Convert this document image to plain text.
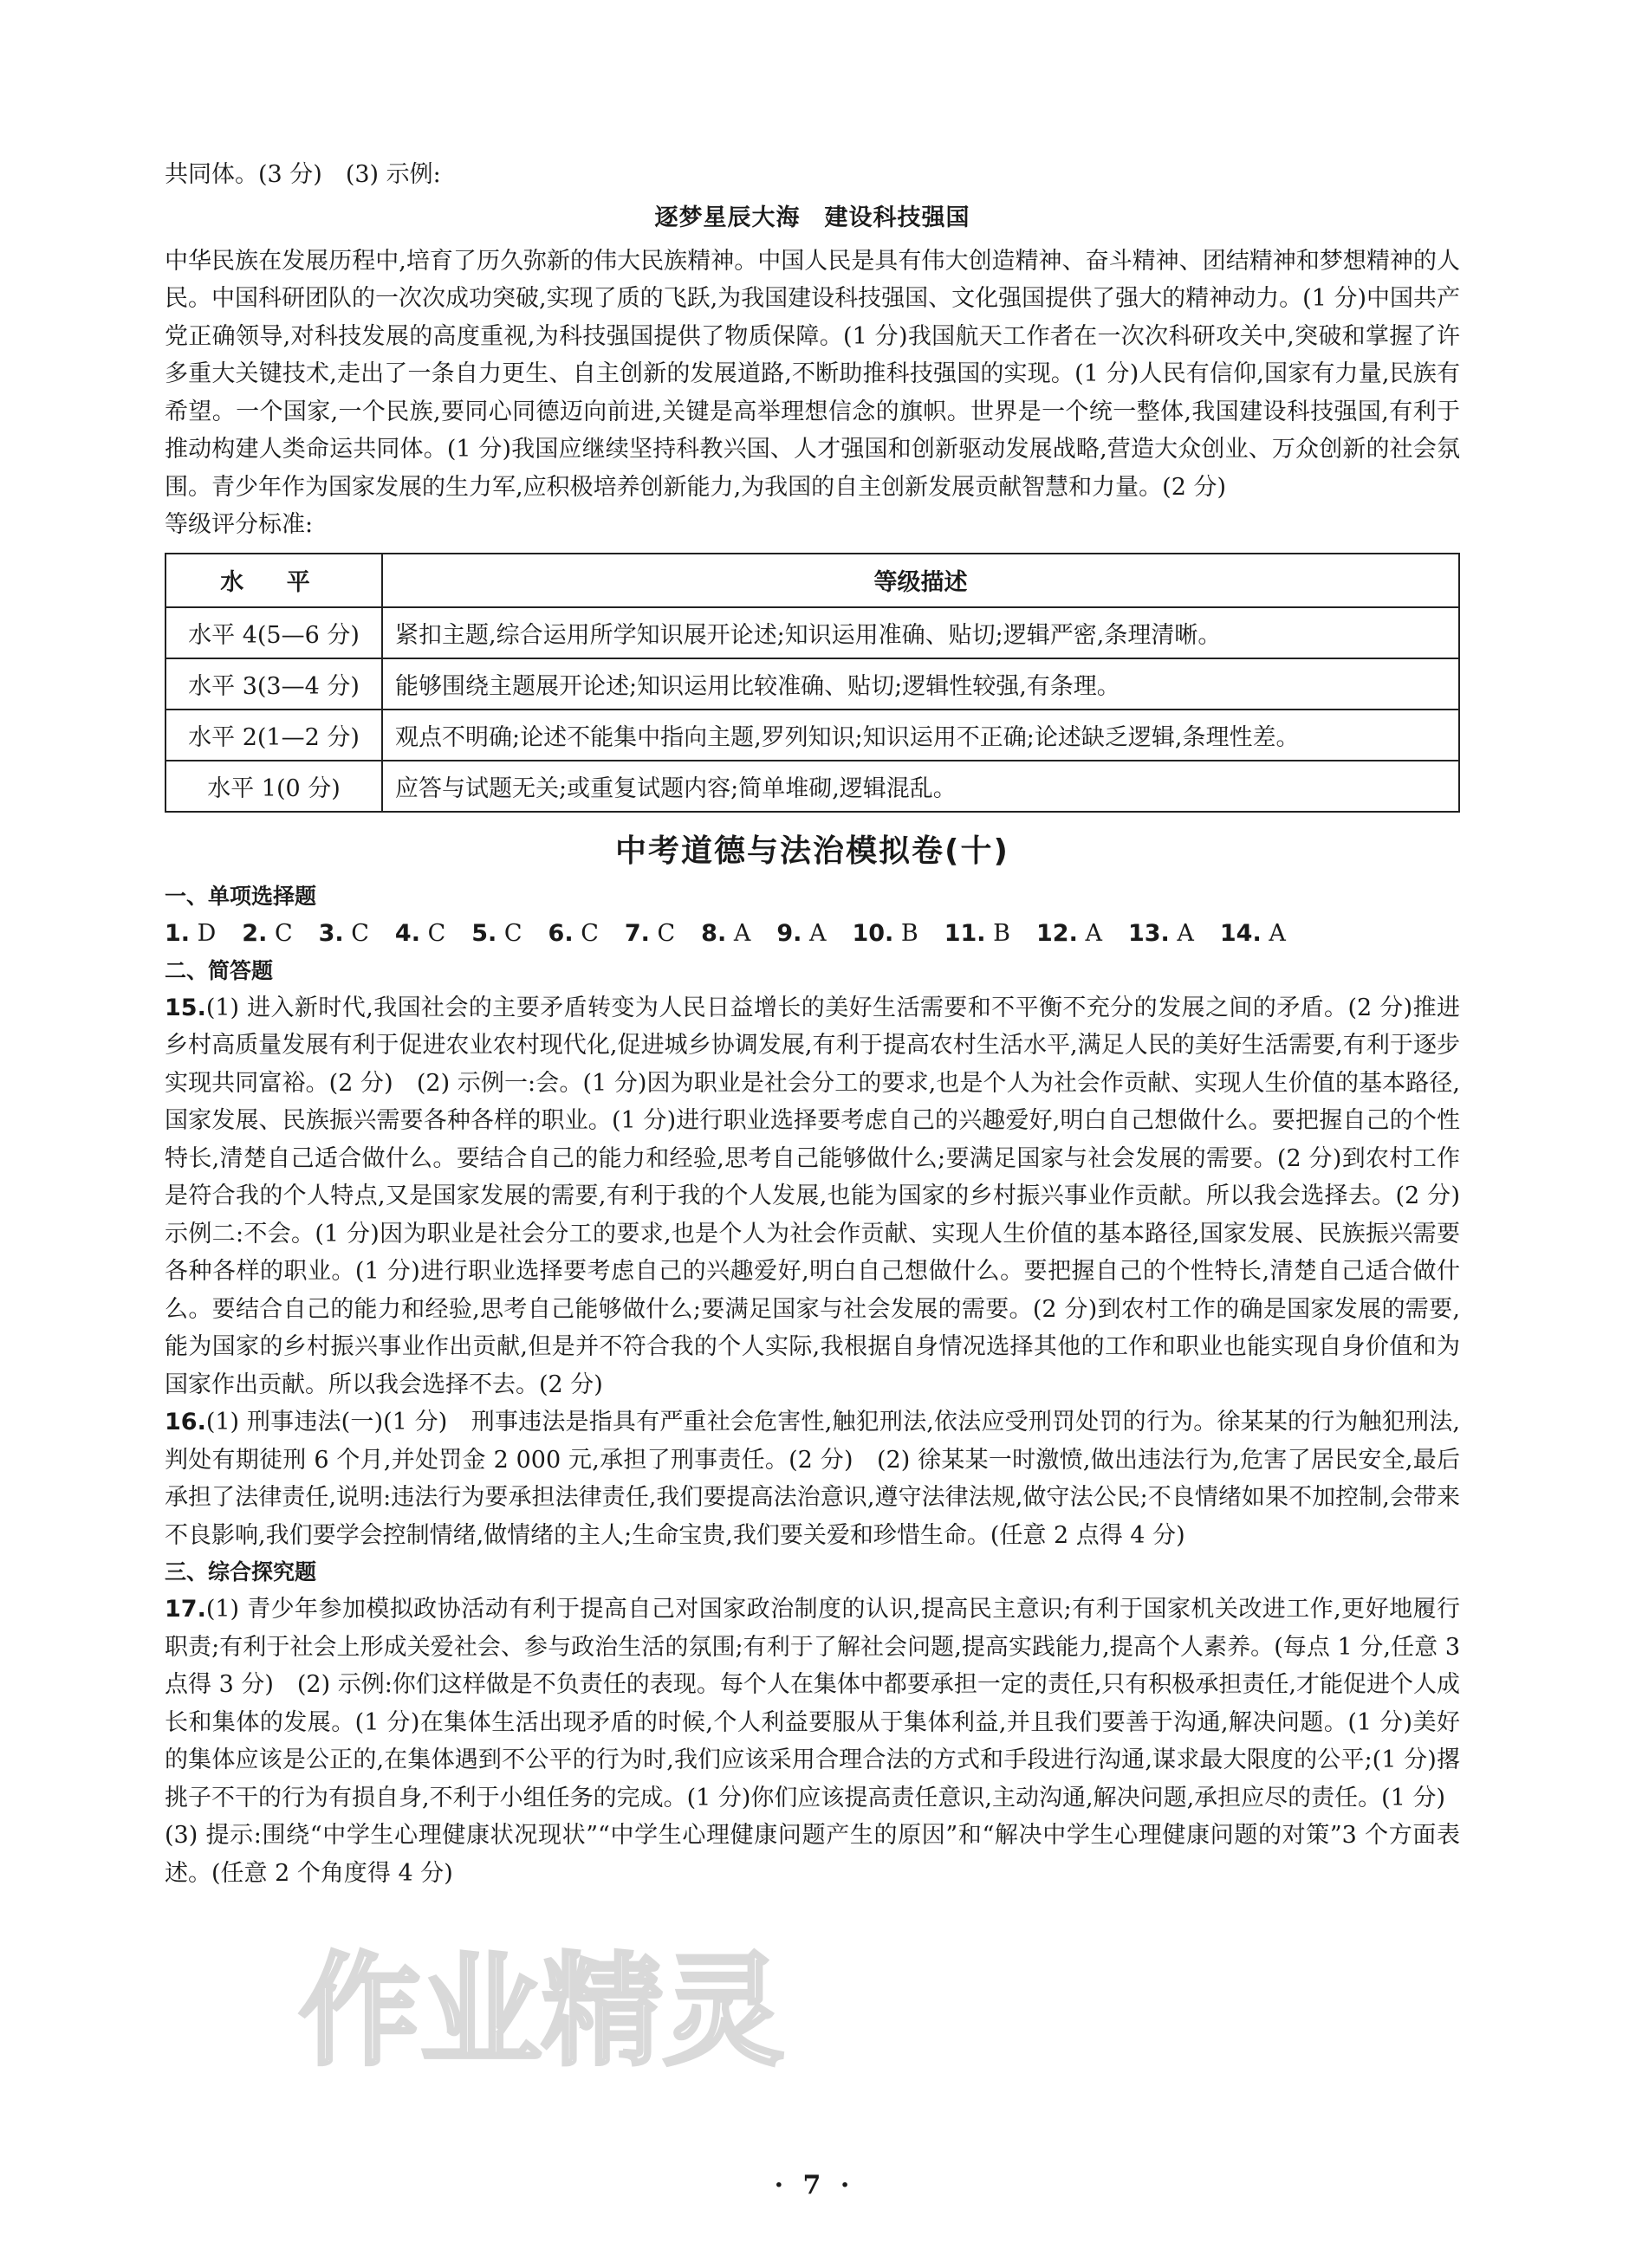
共同体。(3 分)　(3) 示例:

逐梦星辰大海 建设科技强国

中华民族在发展历程中,培育了历久弥新的伟大民族精神。中国人民是具有伟大创造精神、奋斗精神、团结精神和梦想精神的人民。中国科研团队的一次次成功突破,实现了质的飞跃,为我国建设科技强国、文化强国提供了强大的精神动力。(1 分)中国共产党正确领导,对科技发展的高度重视,为科技强国提供了物质保障。(1 分)我国航天工作者在一次次科研攻关中,突破和掌握了许多重大关键技术,走出了一条自力更生、自主创新的发展道路,不断助推科技强国的实现。(1 分)人民有信仰,国家有力量,民族有希望。一个国家,一个民族,要同心同德迈向前进,关键是高举理想信念的旗帜。世界是一个统一整体,我国建设科技强国,有利于推动构建人类命运共同体。(1 分)我国应继续坚持科教兴国、人才强国和创新驱动发展战略,营造大众创业、万众创新的社会氛围。青少年作为国家发展的生力军,应积极培养创新能力,为我国的自主创新发展贡献智慧和力量。(2 分)

等级评分标准:

水 平	等级描述
水平 4(5—6 分)	紧扣主题,综合运用所学知识展开论述;知识运用准确、贴切;逻辑严密,条理清晰。
水平 3(3—4 分)	能够围绕主题展开论述;知识运用比较准确、贴切;逻辑性较强,有条理。
水平 2(1—2 分)	观点不明确;论述不能集中指向主题,罗列知识;知识运用不正确;论述缺乏逻辑,条理性差。
水平 1(0 分)	应答与试题无关;或重复试题内容;简单堆砌,逻辑混乱。
中考道德与法治模拟卷(十)

一、单项选择题

1. D 2. C 3. C 4. C 5. C 6. C 7. C 8. A 9. A 10. B 11. B 12. A 13. A 14. A

二、简答题

15.(1) 进入新时代,我国社会的主要矛盾转变为人民日益增长的美好生活需要和不平衡不充分的发展之间的矛盾。(2 分)推进乡村高质量发展有利于促进农业农村现代化,促进城乡协调发展,有利于提高农村生活水平,满足人民的美好生活需要,有利于逐步实现共同富裕。(2 分)　(2) 示例一:会。(1 分)因为职业是社会分工的要求,也是个人为社会作贡献、实现人生价值的基本路径,国家发展、民族振兴需要各种各样的职业。(1 分)进行职业选择要考虑自己的兴趣爱好,明白自己想做什么。要把握自己的个性特长,清楚自己适合做什么。要结合自己的能力和经验,思考自己能够做什么;要满足国家与社会发展的需要。(2 分)到农村工作是符合我的个人特点,又是国家发展的需要,有利于我的个人发展,也能为国家的乡村振兴事业作贡献。所以我会选择去。(2 分)　示例二:不会。(1 分)因为职业是社会分工的要求,也是个人为社会作贡献、实现人生价值的基本路径,国家发展、民族振兴需要各种各样的职业。(1 分)进行职业选择要考虑自己的兴趣爱好,明白自己想做什么。要把握自己的个性特长,清楚自己适合做什么。要结合自己的能力和经验,思考自己能够做什么;要满足国家与社会发展的需要。(2 分)到农村工作的确是国家发展的需要,能为国家的乡村振兴事业作出贡献,但是并不符合我的个人实际,我根据自身情况选择其他的工作和职业也能实现自身价值和为国家作出贡献。所以我会选择不去。(2 分)

16.(1) 刑事违法(一)(1 分)　刑事违法是指具有严重社会危害性,触犯刑法,依法应受刑罚处罚的行为。徐某某的行为触犯刑法,判处有期徒刑 6 个月,并处罚金 2 000 元,承担了刑事责任。(2 分)　(2) 徐某某一时激愤,做出违法行为,危害了居民安全,最后承担了法律责任,说明:违法行为要承担法律责任,我们要提高法治意识,遵守法律法规,做守法公民;不良情绪如果不加控制,会带来不良影响,我们要学会控制情绪,做情绪的主人;生命宝贵,我们要关爱和珍惜生命。(任意 2 点得 4 分)

三、综合探究题

17.(1) 青少年参加模拟政协活动有利于提高自己对国家政治制度的认识,提高民主意识;有利于国家机关改进工作,更好地履行职责;有利于社会上形成关爱社会、参与政治生活的氛围;有利于了解社会问题,提高实践能力,提高个人素养。(每点 1 分,任意 3 点得 3 分)　(2) 示例:你们这样做是不负责任的表现。每个人在集体中都要承担一定的责任,只有积极承担责任,才能促进个人成长和集体的发展。(1 分)在集体生活出现矛盾的时候,个人利益要服从于集体利益,并且我们要善于沟通,解决问题。(1 分)美好的集体应该是公正的,在集体遇到不公平的行为时,我们应该采用合理合法的方式和手段进行沟通,谋求最大限度的公平;(1 分)撂挑子不干的行为有损自身,不利于小组任务的完成。(1 分)你们应该提高责任意识,主动沟通,解决问题,承担应尽的责任。(1 分)

(3) 提示:围绕“中学生心理健康状况现状”“中学生心理健康问题产生的原因”和“解决中学生心理健康问题的对策”3 个方面表述。(任意 2 个角度得 4 分)

作业精灵
· 7 ·
